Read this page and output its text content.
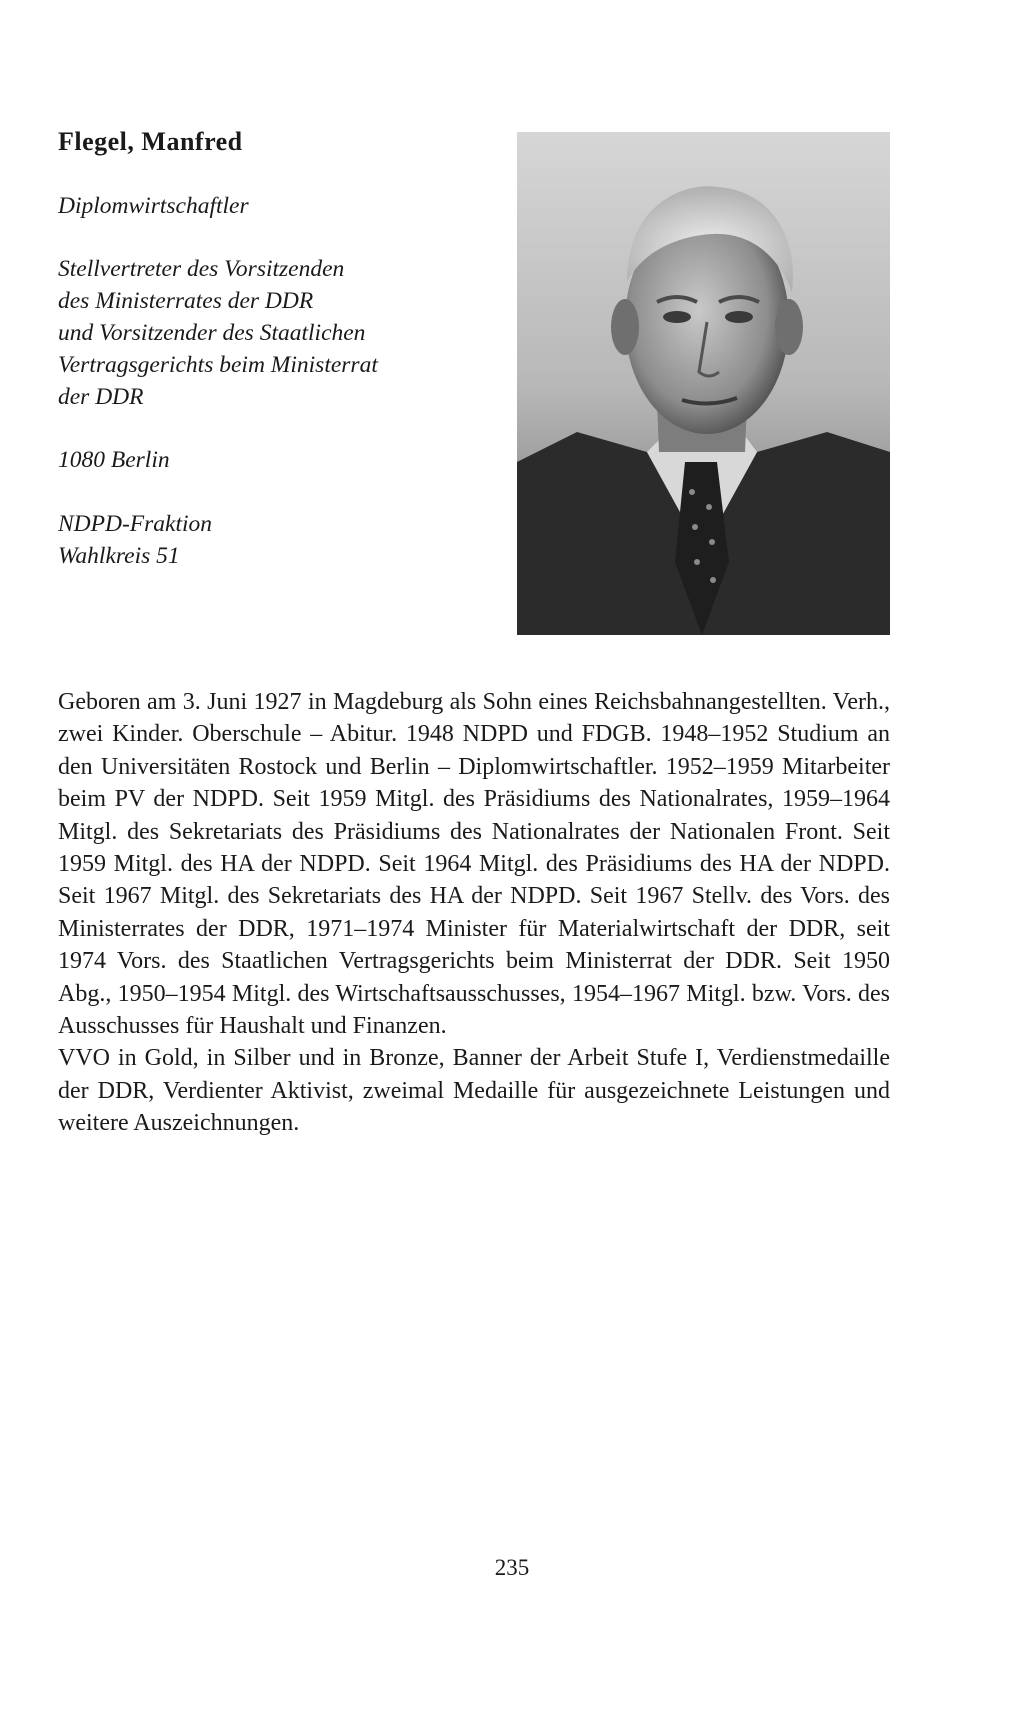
Flegel, Manfred

Diplomwirtschaftler

Stellvertreter des Vorsitzenden
des Ministerrates der DDR
und Vorsitzender des Staatlichen
Vertragsgerichts beim Ministerrat
der DDR

1080 Berlin

NDPD-Fraktion
Wahlkreis 51

Geboren am 3. Juni 1927 in Magdeburg als Sohn eines Reichsbahnangestellten. Verh., zwei Kinder. Oberschule – Abitur. 1948 NDPD und FDGB. 1948–1952 Studium an den Universitäten Rostock und Berlin – Diplomwirtschaftler. 1952–1959 Mitarbeiter beim PV der NDPD. Seit 1959 Mitgl. des Präsidiums des Nationalrates, 1959–1964 Mitgl. des Sekretariats des Präsidiums des Nationalrates der Nationalen Front. Seit 1959 Mitgl. des HA der NDPD. Seit 1964 Mitgl. des Präsidiums des HA der NDPD. Seit 1967 Mitgl. des Sekretariats des HA der NDPD. Seit 1967 Stellv. des Vors. des Ministerrates der DDR, 1971–1974 Minister für Materialwirtschaft der DDR, seit 1974 Vors. des Staatlichen Vertragsgerichts beim Ministerrat der DDR. Seit 1950 Abg., 1950–1954 Mitgl. des Wirtschaftsausschusses, 1954–1967 Mitgl. bzw. Vors. des Ausschusses für Haushalt und Finanzen.

VVO in Gold, in Silber und in Bronze, Banner der Arbeit Stufe I, Verdienstmedaille der DDR, Verdienter Aktivist, zweimal Medaille für ausgezeichnete Leistungen und weitere Auszeichnungen.

235
